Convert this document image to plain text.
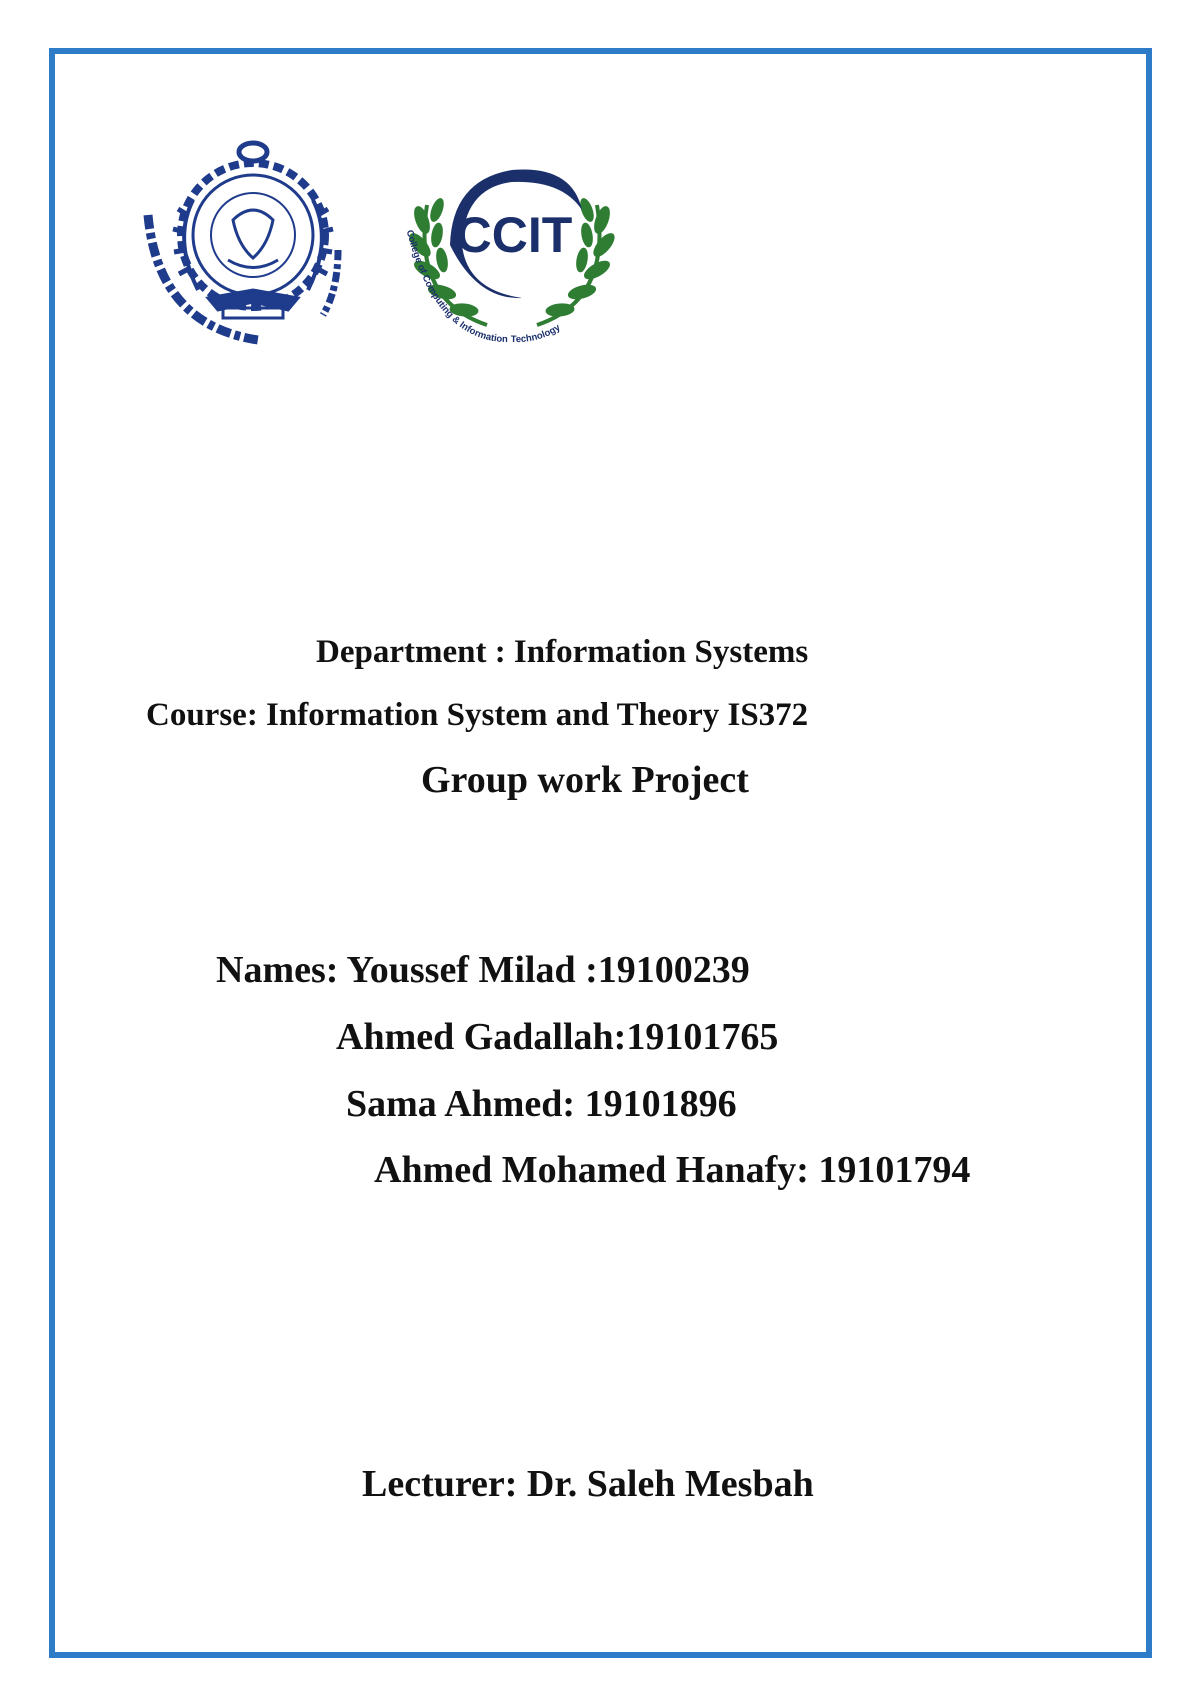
CCIT
College of Computing & Information Technology

Department : Information Systems

Course: Information System and Theory IS372

Group work Project

Names: Youssef Milad :19100239

Ahmed Gadallah:19101765

Sama Ahmed: 19101896

Ahmed Mohamed Hanafy: 19101794

Lecturer: Dr. Saleh Mesbah
